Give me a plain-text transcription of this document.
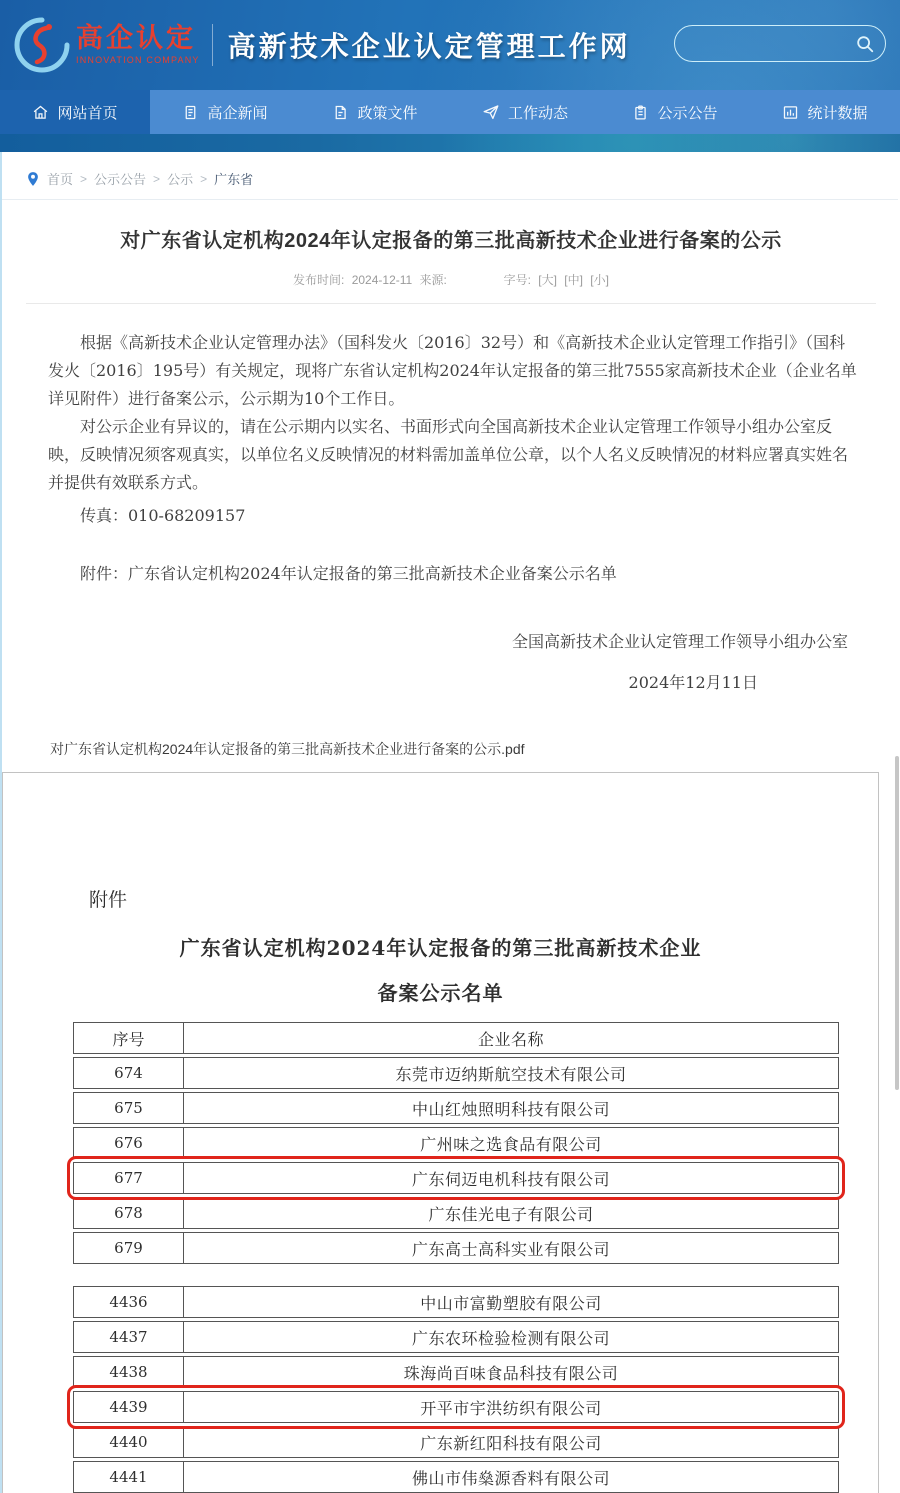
高企认定
INNOVATION COMPANY 高新技术企业认定管理工作网
网站首页	高企新闻	政策文件	工作动态	公示公告	统计数据
首页 > 公示公告 > 公示 > 广东省
对广东省认定机构2024年认定报备的第三批高新技术企业进行备案的公示
发布时间: 2024-12-11 来源:	字号: [大] [中] [小]

根据《高新技术企业认定管理办法》（国科发火〔2016〕32号）和《高新技术企业认定管理工作指引》（国科发火〔2016〕195号）有关规定，现将广东省认定机构2024年认定报备的第三批7555家高新技术企业（企业名单详见附件）进行备案公示，公示期为10个工作日。

对公示企业有异议的，请在公示期内以实名、书面形式向全国高新技术企业认定管理工作领导小组办公室反映，反映情况须客观真实，以单位名义反映情况的材料需加盖单位公章，以个人名义反映情况的材料应署真实姓名并提供有效联系方式。

传真：010-68209157
附件：广东省认定机构2024年认定报备的第三批高新技术企业备案公示名单
全国高新技术企业认定管理工作领导小组办公室
2024年12月11日
对广东省认定机构2024年认定报备的第三批高新技术企业进行备案的公示.pdf
附件
广东省认定机构2024年认定报备的第三批高新技术企业
备案公示名单
序号	企业名称
674	东莞市迈纳斯航空技术有限公司
675	中山红烛照明科技有限公司
676	广州味之选食品有限公司
677	广东伺迈电机科技有限公司
678	广东佳光电子有限公司
679	广东高士高科实业有限公司
4436	中山市富勤塑胶有限公司
4437	广东农环检验检测有限公司
4438	珠海尚百味食品科技有限公司
4439	开平市宇洪纺织有限公司
4440	广东新红阳科技有限公司
4441	佛山市伟燊源香料有限公司
